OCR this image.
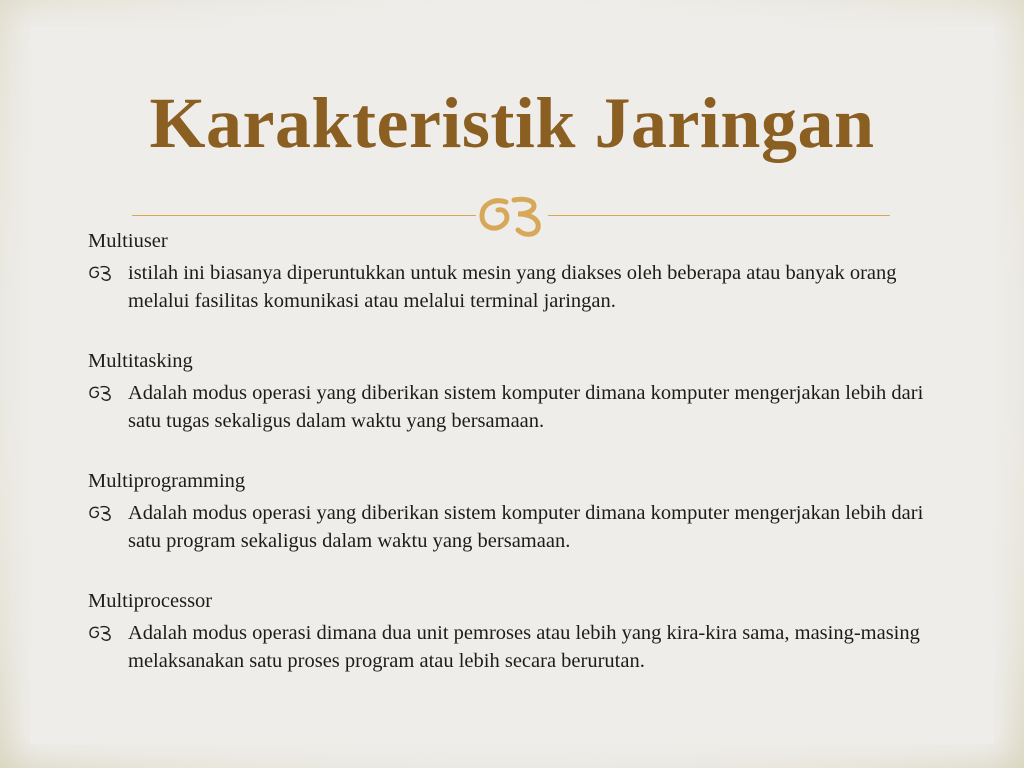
Karakteristik Jaringan
Multiuser
istilah ini biasanya diperuntukkan untuk mesin yang diakses oleh beberapa atau banyak orang melalui fasilitas komunikasi atau melalui terminal jaringan.
Multitasking
Adalah modus operasi yang diberikan sistem komputer dimana komputer mengerjakan lebih dari satu tugas sekaligus dalam waktu yang bersamaan.
Multiprogramming
Adalah modus operasi yang diberikan sistem komputer dimana komputer mengerjakan lebih dari satu program sekaligus dalam waktu yang bersamaan.
Multiprocessor
Adalah modus operasi dimana dua unit pemroses atau lebih yang kira-kira sama, masing-masing melaksanakan satu proses program atau lebih secara berurutan.
